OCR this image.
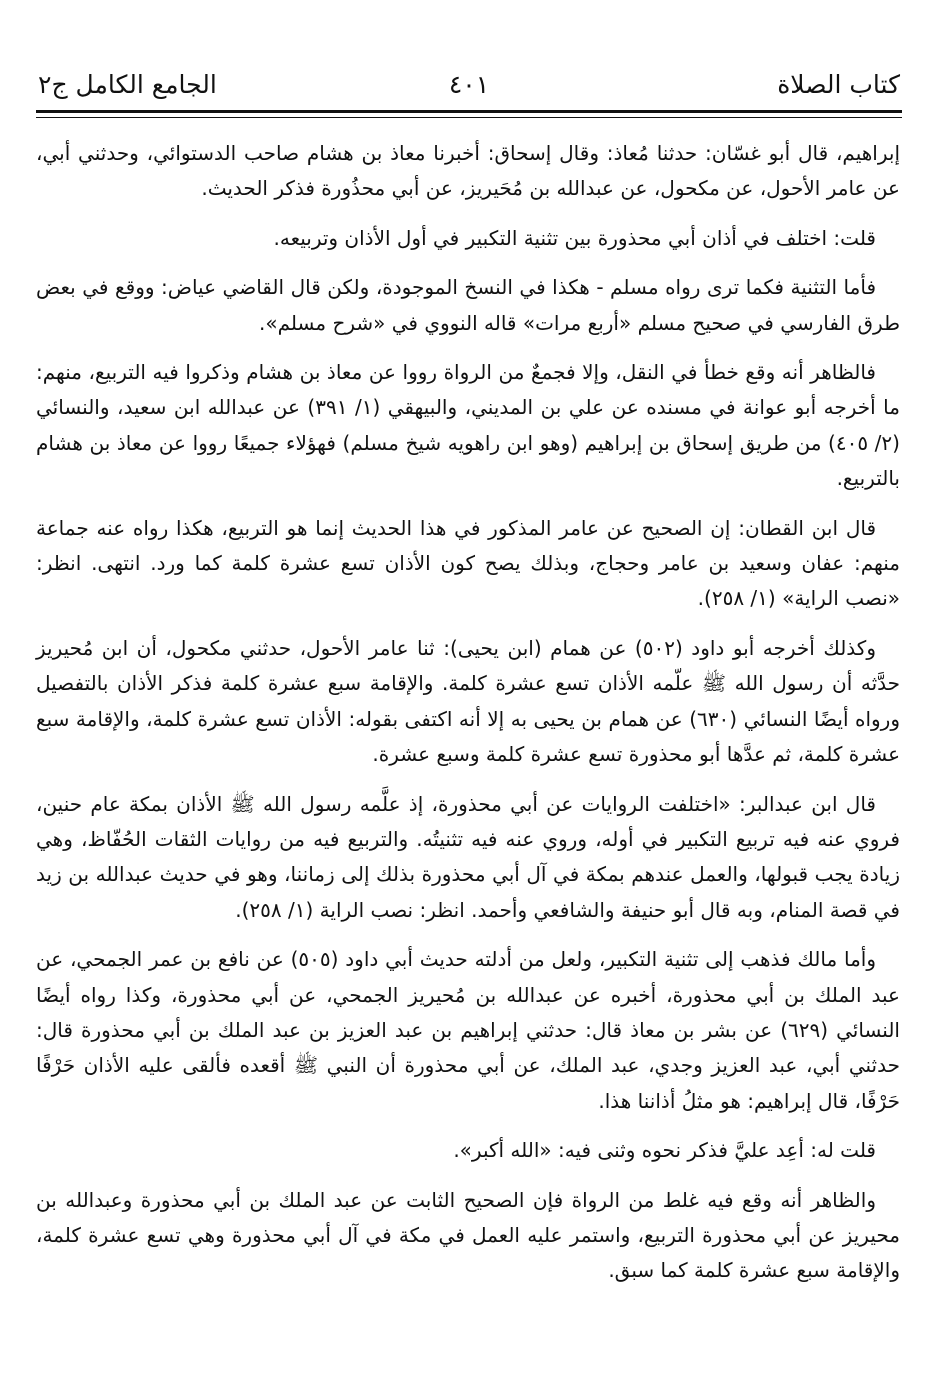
كتاب الصلاة
٤٠١
الجامع الكامل ج٢

إبراهيم، قال أبو غسّان: حدثنا مُعاذ: وقال إسحاق: أخبرنا معاذ بن هشام صاحب الدستوائي، وحدثني أبي، عن عامر الأحول، عن مكحول، عن عبدالله بن مُحَيريز، عن أبي محذُورة فذكر الحديث.

قلت: اختلف في أذان أبي محذورة بين تثنية التكبير في أول الأذان وتربيعه.

فأما التثنية فكما ترى رواه مسلم - هكذا في النسخ الموجودة، ولكن قال القاضي عياض: ووقع في بعض طرق الفارسي في صحيح مسلم «أربع مرات» قاله النووي في «شرح مسلم».

فالظاهر أنه وقع خطأ في النقل، وإلا فجمعٌ من الرواة رووا عن معاذ بن هشام وذكروا فيه التربيع، منهم: ما أخرجه أبو عوانة في مسنده عن علي بن المديني، والبيهقي (١/ ٣٩١) عن عبدالله ابن سعيد، والنسائي (٢/ ٤٠٥) من طريق إسحاق بن إبراهيم (وهو ابن راهويه شيخ مسلم) فهؤلاء جميعًا رووا عن معاذ بن هشام بالتربيع.

قال ابن القطان: إن الصحيح عن عامر المذكور في هذا الحديث إنما هو التربيع، هكذا رواه عنه جماعة منهم: عفان وسعيد بن عامر وحجاج، وبذلك يصح كون الأذان تسع عشرة كلمة كما ورد. انتهى. انظر: «نصب الراية» (١/ ٢٥٨).

وكذلك أخرجه أبو داود (٥٠٢) عن همام (ابن يحيى): ثنا عامر الأحول، حدثني مكحول، أن ابن مُحيريز حدَّثه أن رسول الله ﷺ علّمه الأذان تسع عشرة كلمة. والإقامة سبع عشرة كلمة فذكر الأذان بالتفصيل ورواه أيضًا النسائي (٦٣٠) عن همام بن يحيى به إلا أنه اكتفى بقوله: الأذان تسع عشرة كلمة، والإقامة سبع عشرة كلمة، ثم عدَّها أبو محذورة تسع عشرة كلمة وسبع عشرة.

قال ابن عبدالبر: «اختلفت الروايات عن أبي محذورة، إذ علَّمه رسول الله ﷺ الأذان بمكة عام حنين، فروي عنه فيه تربيع التكبير في أوله، وروي عنه فيه تثنيتُه. والتربيع فيه من روايات الثقات الحُفّاظ، وهي زيادة يجب قبولها، والعمل عندهم بمكة في آل أبي محذورة بذلك إلى زماننا، وهو في حديث عبدالله بن زيد في قصة المنام، وبه قال أبو حنيفة والشافعي وأحمد. انظر: نصب الراية (١/ ٢٥٨).

وأما مالك فذهب إلى تثنية التكبير، ولعل من أدلته حديث أبي داود (٥٠٥) عن نافع بن عمر الجمحي، عن عبد الملك بن أبي محذورة، أخبره عن عبدالله بن مُحيريز الجمحي، عن أبي محذورة، وكذا رواه أيضًا النسائي (٦٢٩) عن بشر بن معاذ قال: حدثني إبراهيم بن عبد العزيز بن عبد الملك بن أبي محذورة قال: حدثني أبي، عبد العزيز وجدي، عبد الملك، عن أبي محذورة أن النبي ﷺ أقعده فألقى عليه الأذان حَرْفًا حَرْفًا، قال إبراهيم: هو مثلُ أذاننا هذا.

قلت له: أعِد عليَّ فذكر نحوه وثنى فيه: «الله أكبر».

والظاهر أنه وقع فيه غلط من الرواة فإن الصحيح الثابت عن عبد الملك بن أبي محذورة وعبدالله بن محيريز عن أبي محذورة التربيع، واستمر عليه العمل في مكة في آل أبي محذورة وهي تسع عشرة كلمة، والإقامة سبع عشرة كلمة كما سبق.
